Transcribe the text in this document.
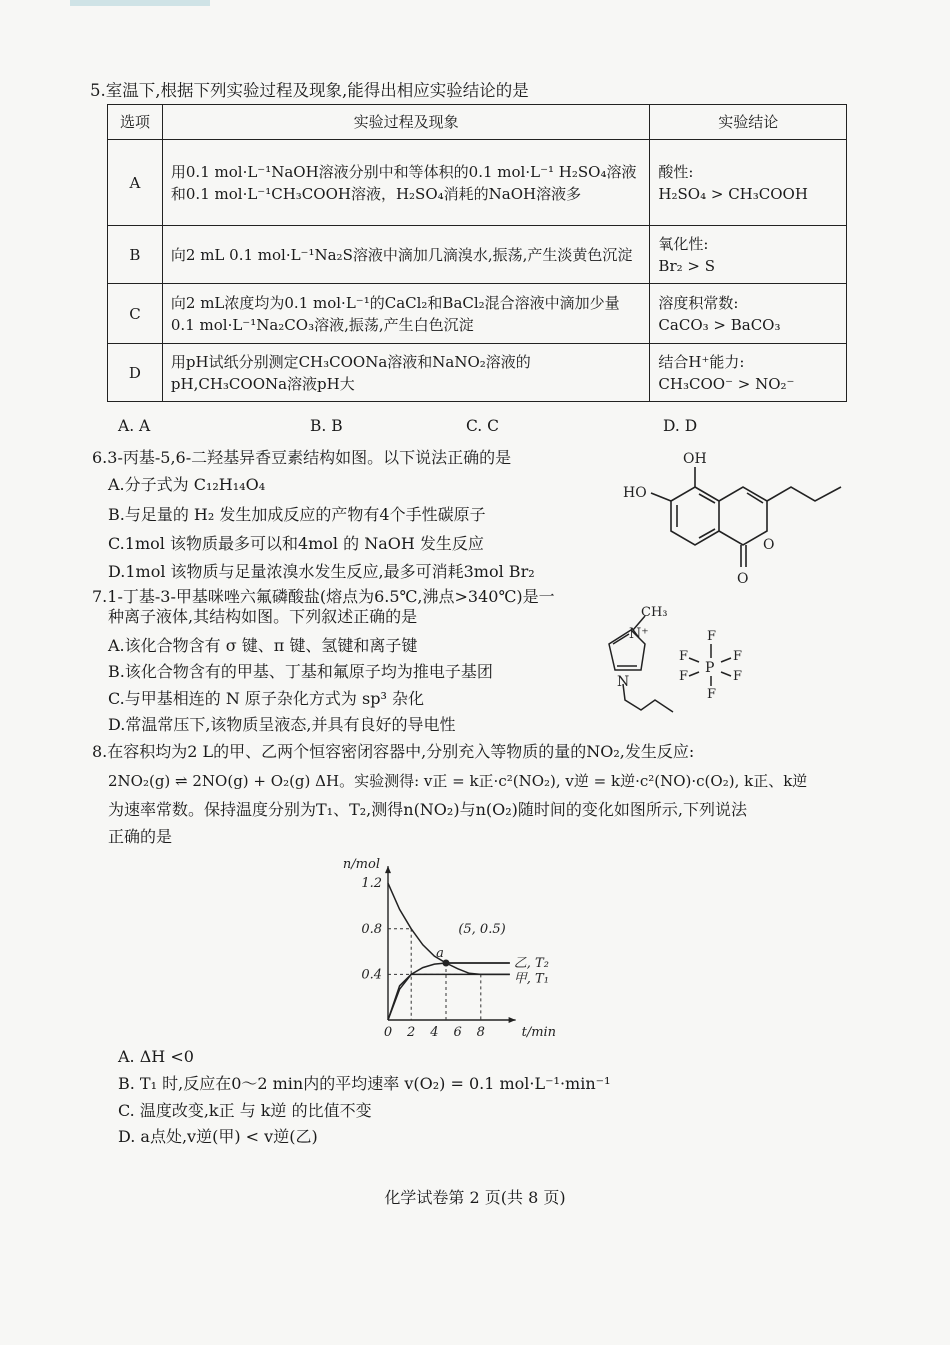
5.室温下,根据下列实验过程及现象,能得出相应实验结论的是
选项	实验过程及现象	实验结论
A	用0.1 mol·L⁻¹NaOH溶液分别中和等体积的0.1 mol·L⁻¹ H₂SO₄溶液和0.1 mol·L⁻¹CH₃COOH溶液，H₂SO₄消耗的NaOH溶液多	酸性:
H₂SO₄ > CH₃COOH

B	向2 mL 0.1 mol·L⁻¹Na₂S溶液中滴加几滴溴水,振荡,产生淡黄色沉淀	氧化性:
Br₂ > S

C	向2 mL浓度均为0.1 mol·L⁻¹的CaCl₂和BaCl₂混合溶液中滴加少量0.1 mol·L⁻¹Na₂CO₃溶液,振荡,产生白色沉淀	溶度积常数:
CaCO₃ > BaCO₃

D	用pH试纸分别测定CH₃COONa溶液和NaNO₂溶液的pH,CH₃COONa溶液pH大	结合H⁺能力:
CH₃COO⁻ > NO₂⁻
A. A	B. B	C. C	D. D
6.3-丙基-5,6-二羟基异香豆素结构如图。以下说法正确的是
A.分子式为 C₁₂H₁₄O₄
B.与足量的 H₂ 发生加成反应的产物有4个手性碳原子
C.1mol 该物质最多可以和4mol 的 NaOH 发生反应
D.1mol 该物质与足量浓溴水发生反应,最多可消耗3mol Br₂
OH
HO
O
O
7.1-丁基-3-甲基咪唑六氟磷酸盐(熔点为6.5℃,沸点>340℃)是一
种离子液体,其结构如图。下列叙述正确的是
A.该化合物含有 σ 键、π 键、氢键和离子键
B.该化合物含有的甲基、丁基和氟原子均为推电子基团
C.与甲基相连的 N 原子杂化方式为 sp³ 杂化
D.常温常压下,该物质呈液态,并具有良好的导电性
CH₃
N⁺
N
P
F
F
F
F
F
F
8.在容积均为2 L的甲、乙两个恒容密闭容器中,分别充入等物质的量的NO₂,发生反应:
2NO₂(g) ⇌ 2NO(g) + O₂(g) ΔH。实验测得: v正 = k正·c²(NO₂), v逆 = k逆·c²(NO)·c(O₂), k正、k逆
为速率常数。保持温度分别为T₁、T₂,测得n(NO₂)与n(O₂)随时间的变化如图所示,下列说法
正确的是
n/mol
t/min
0 2 4 6 8
0.4
0.8
1.2
a
(5, 0.5)
乙, T₂
甲, T₁
A. ΔH <0
B. T₁ 时,反应在0～2 min内的平均速率 v(O₂) = 0.1 mol·L⁻¹·min⁻¹
C. 温度改变,k正 与 k逆 的比值不变
D. a点处,v逆(甲) < v逆(乙)
化学试卷第 2 页(共 8 页)
